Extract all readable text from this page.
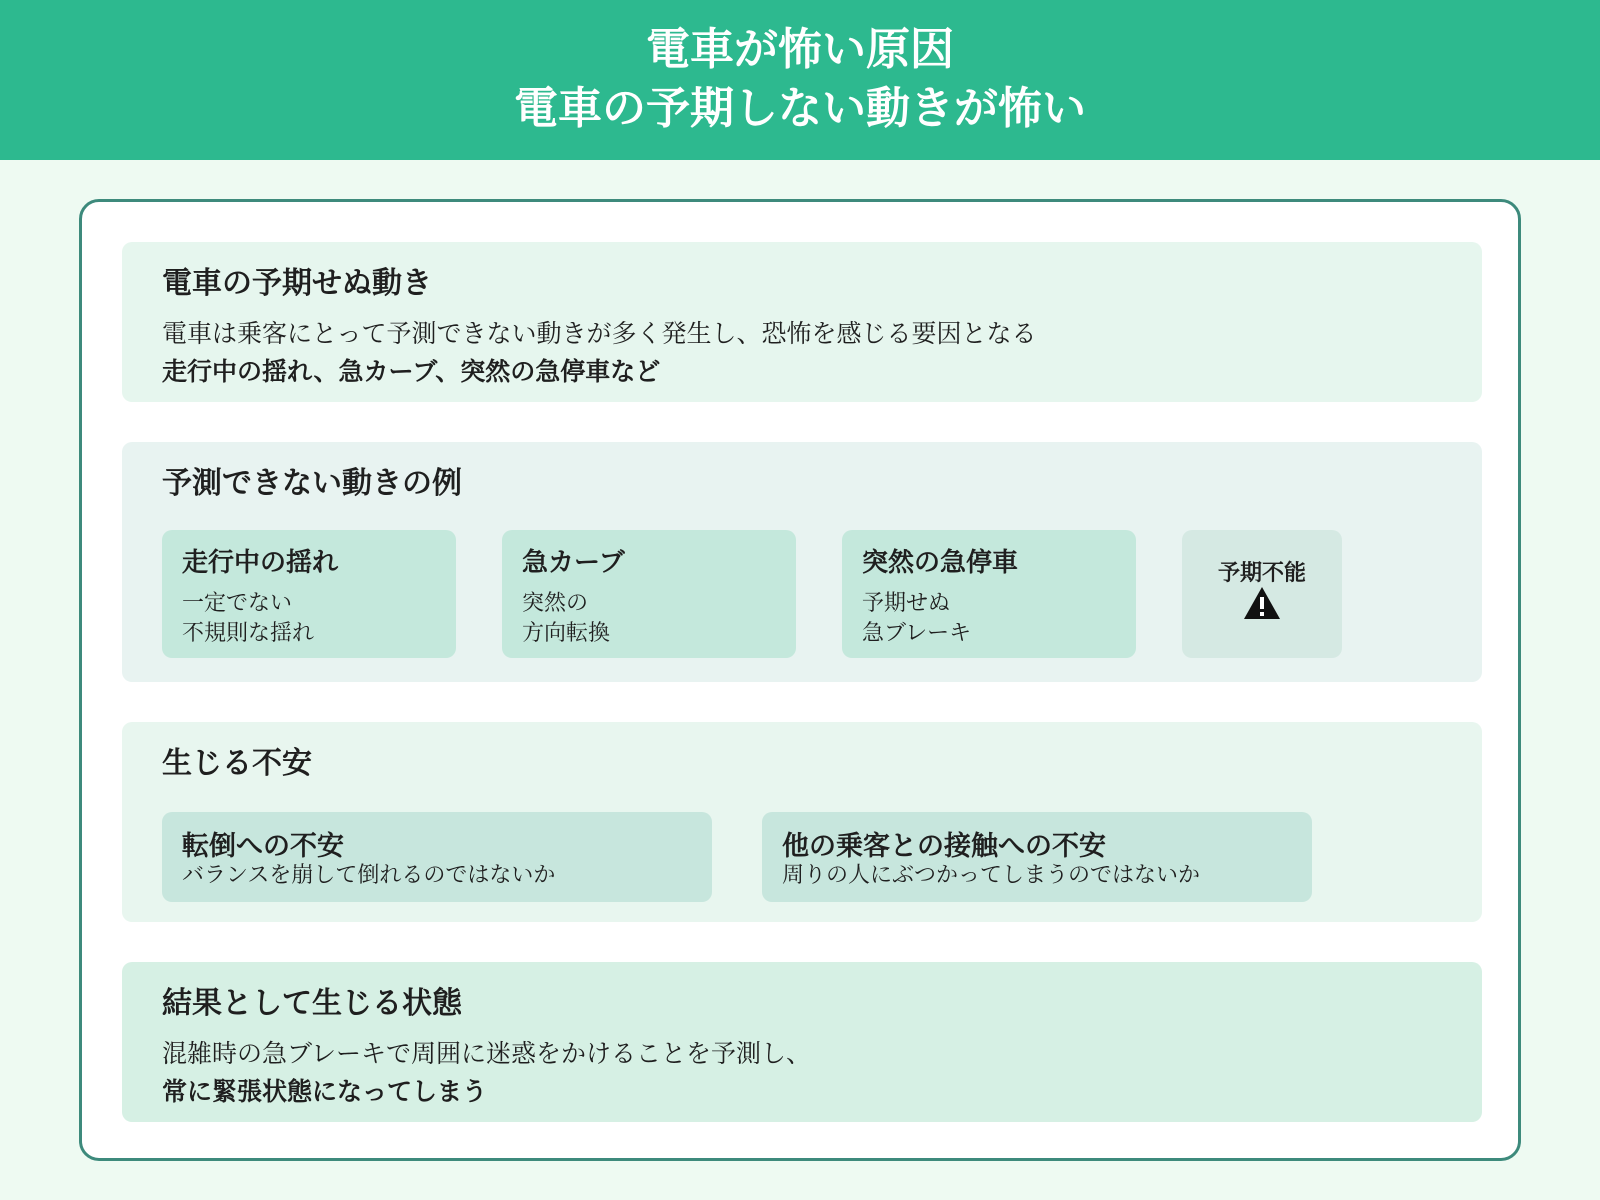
電車が怖い原因
電車の予期しない動きが怖い
電車の予期せぬ動き
電車は乗客にとって予測できない動きが多く発生し、恐怖を感じる要因となる
走行中の揺れ、急カーブ、突然の急停車など
予測できない動きの例
走行中の揺れ
一定でない
不規則な揺れ
急カーブ
突然の
方向転換
突然の急停車
予期せぬ
急ブレーキ
予期不能
生じる不安
転倒への不安
バランスを崩して倒れるのではないか
他の乗客との接触への不安
周りの人にぶつかってしまうのではないか
結果として生じる状態
混雑時の急ブレーキで周囲に迷惑をかけることを予測し、
常に緊張状態になってしまう
